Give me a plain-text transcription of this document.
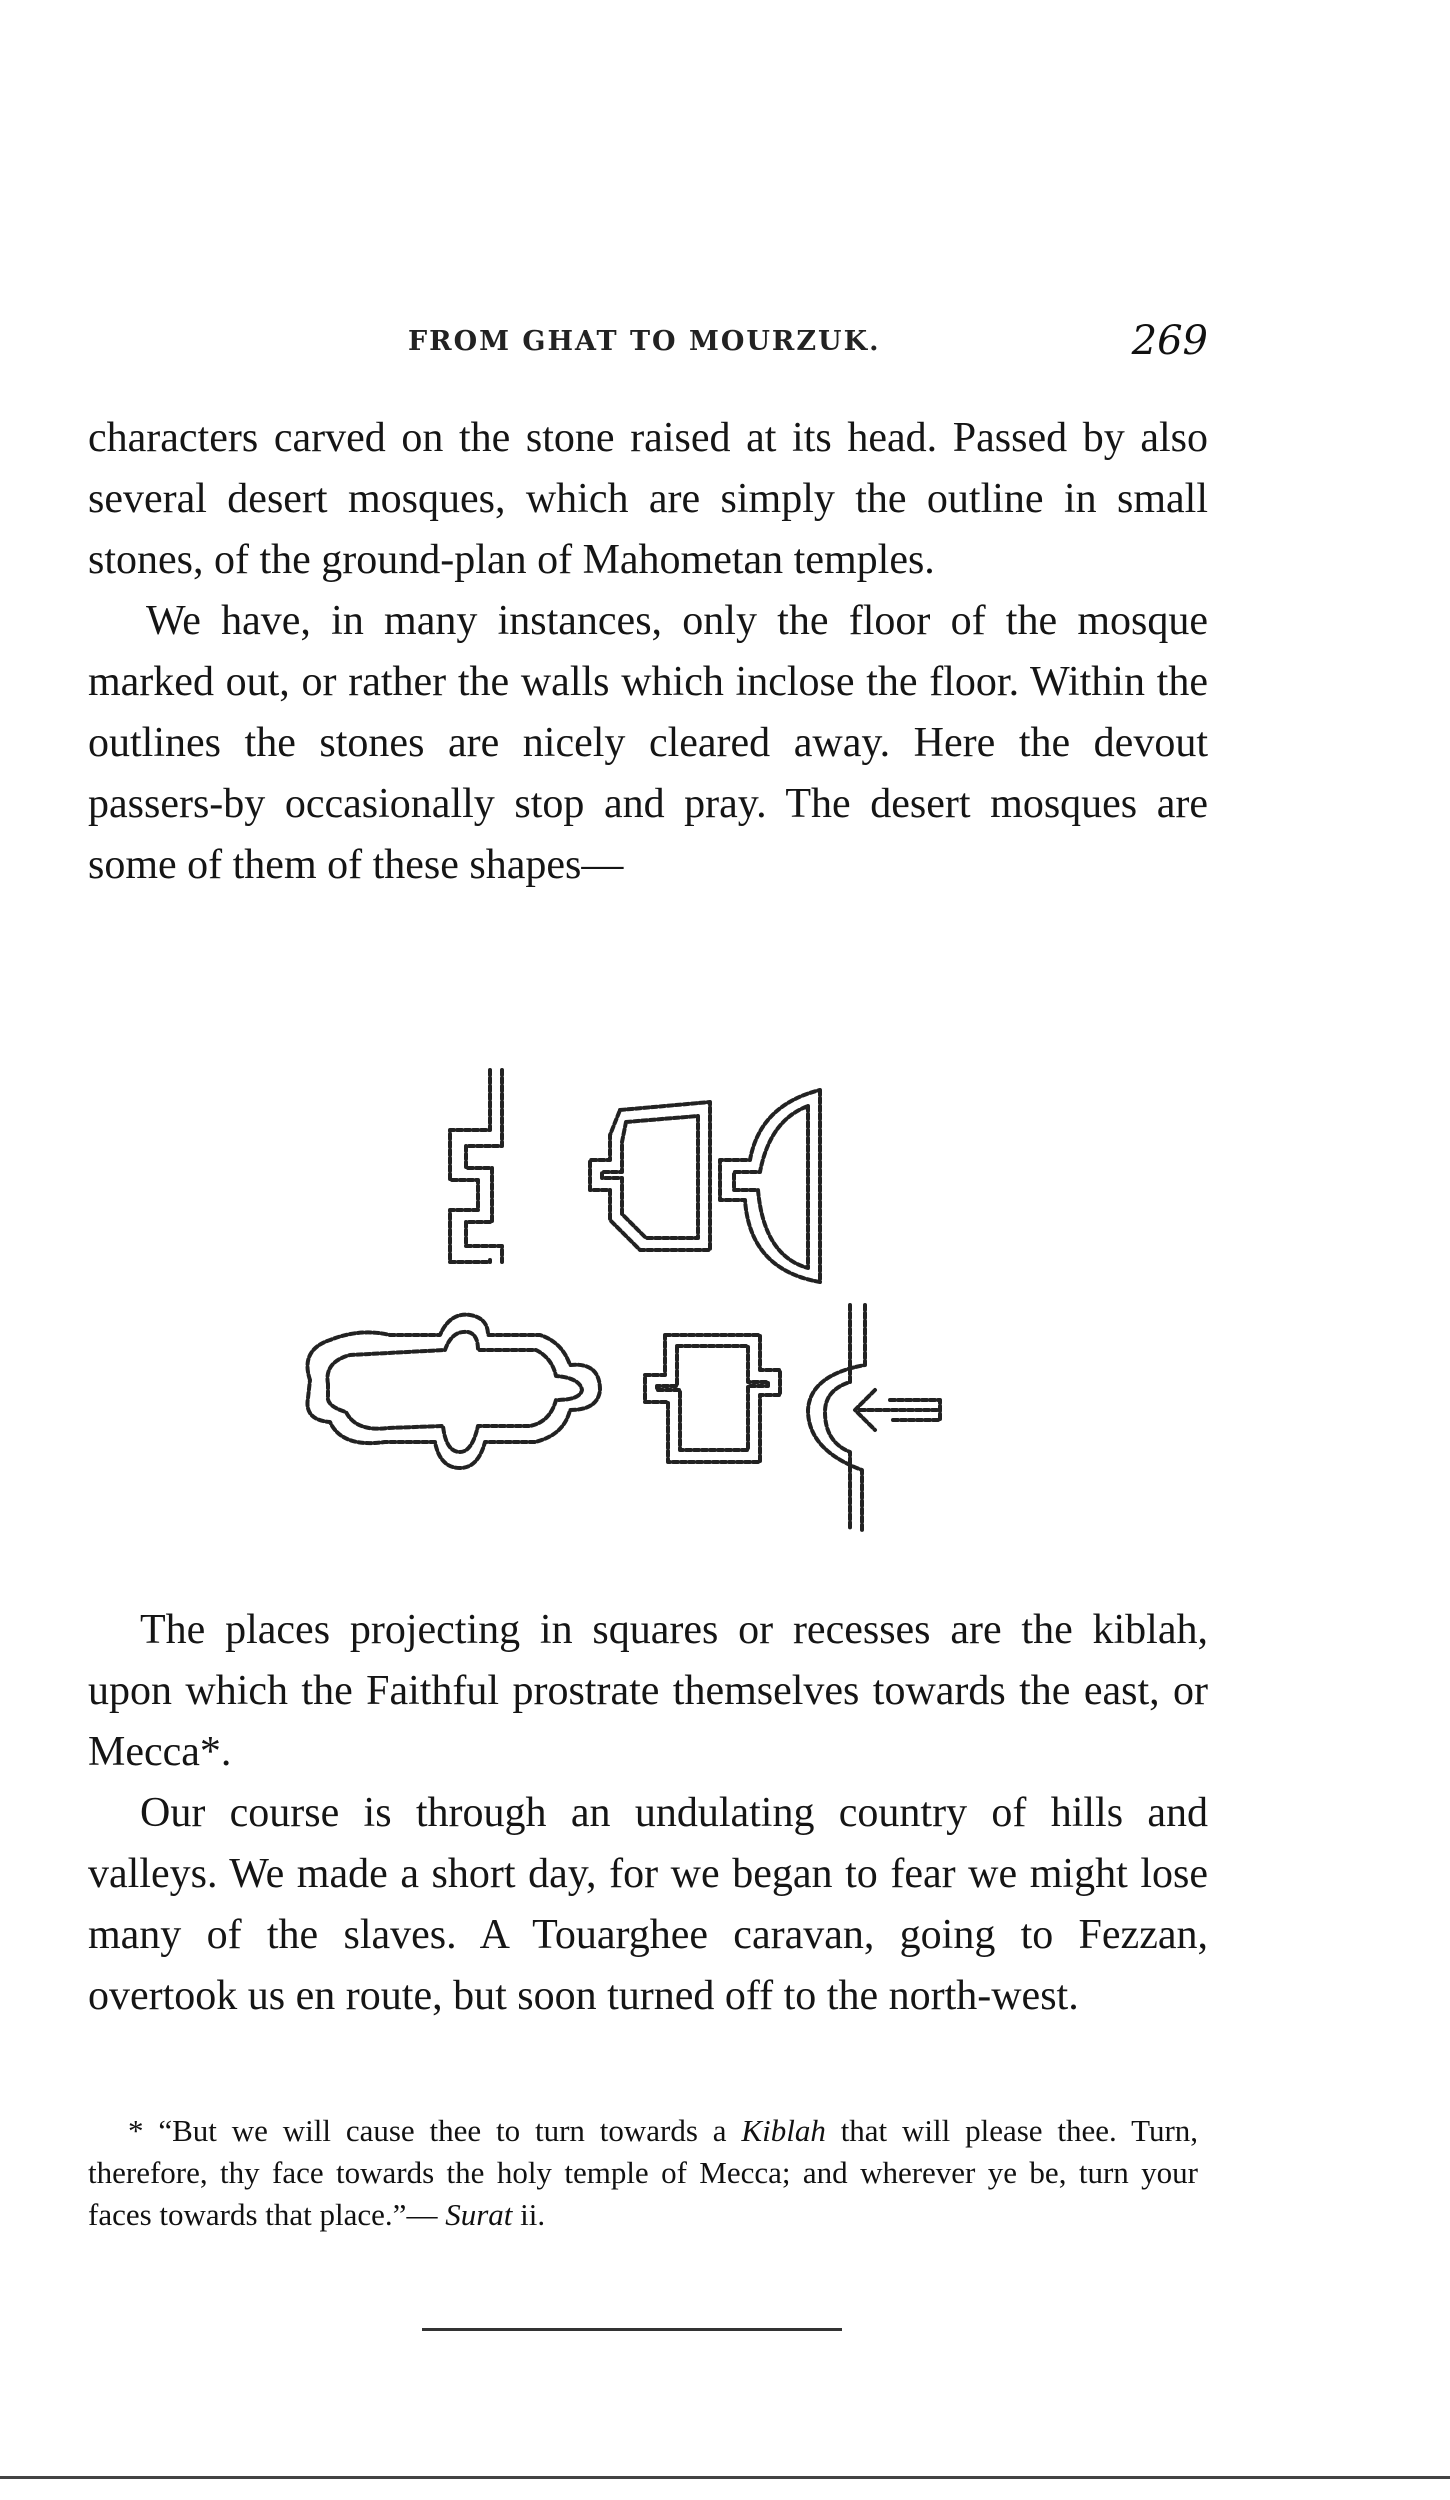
FROM GHAT TO MOURZUK.	269

characters carved on the stone raised at its head. Passed by also several desert mosques, which are simply the outline in small stones, of the ground-plan of Mahometan temples.

We have, in many instances, only the floor of the mosque marked out, or rather the walls which inclose the floor. Within the outlines the stones are nicely cleared away. Here the devout passers-by occasionally stop and pray. The desert mosques are some of them of these shapes—

The places projecting in squares or recesses are the kiblah, upon which the Faithful prostrate themselves towards the east, or Mecca*.

Our course is through an undulating country of hills and valleys. We made a short day, for we began to fear we might lose many of the slaves. A Touarghee caravan, going to Fezzan, overtook us en route, but soon turned off to the north-west.

* “But we will cause thee to turn towards a Kiblah that will please thee. Turn, therefore, thy face towards the holy temple of Mecca; and wherever ye be, turn your faces towards that place.”— Surat ii.
